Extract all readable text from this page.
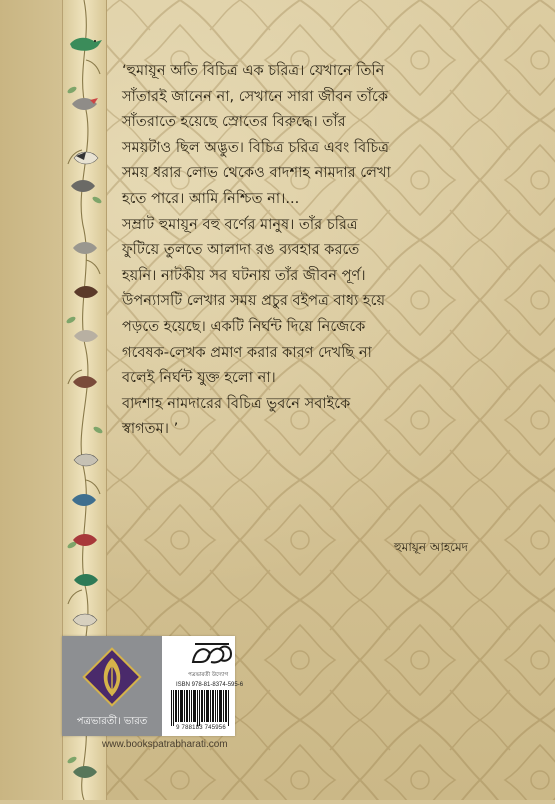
‘হুমায়ূন অতি বিচিত্র এক চরিত্র। যেখানে তিনি
সাঁতারই জানেন না, সেখানে সারা জীবন তাঁকে
সাঁতরাতে হয়েছে স্রোতের বিরুদ্ধে। তাঁর
সময়টাও ছিল অদ্ভুত। বিচিত্র চরিত্র এবং বিচিত্র
সময় ধরার লোভ থেকেও বাদশাহ নামদার লেখা
হতে পারে। আমি নিশ্চিত না।...
সম্রাট হুমায়ূন বহু বর্ণের মানুষ। তাঁর চরিত্র
ফুটিয়ে তুলতে আলাদা রঙ ব্যবহার করতে
হয়নি। নাটকীয় সব ঘটনায় তাঁর জীবন পূর্ণ।
উপন্যাসটি লেখার সময় প্রচুর বইপত্র বাধ্য হয়ে
পড়তে হয়েছে। একটি নির্ঘন্ট দিয়ে নিজেকে
গবেষক-লেখক প্রমাণ করার কারণ দেখছি না
বলেই নির্ঘন্ট যুক্ত হলো না।
বাদশাহ নামদারের বিচিত্র ভুবনে সবাইকে
স্বাগতম। ’
হুমায়ূন আহমেদ
পত্রভারতী। ভারত
পত্রভারতী উদ্যোগ
ISBN 978-81-8374-595-6
9 788183 745956
www.bookspatrabharati.com
